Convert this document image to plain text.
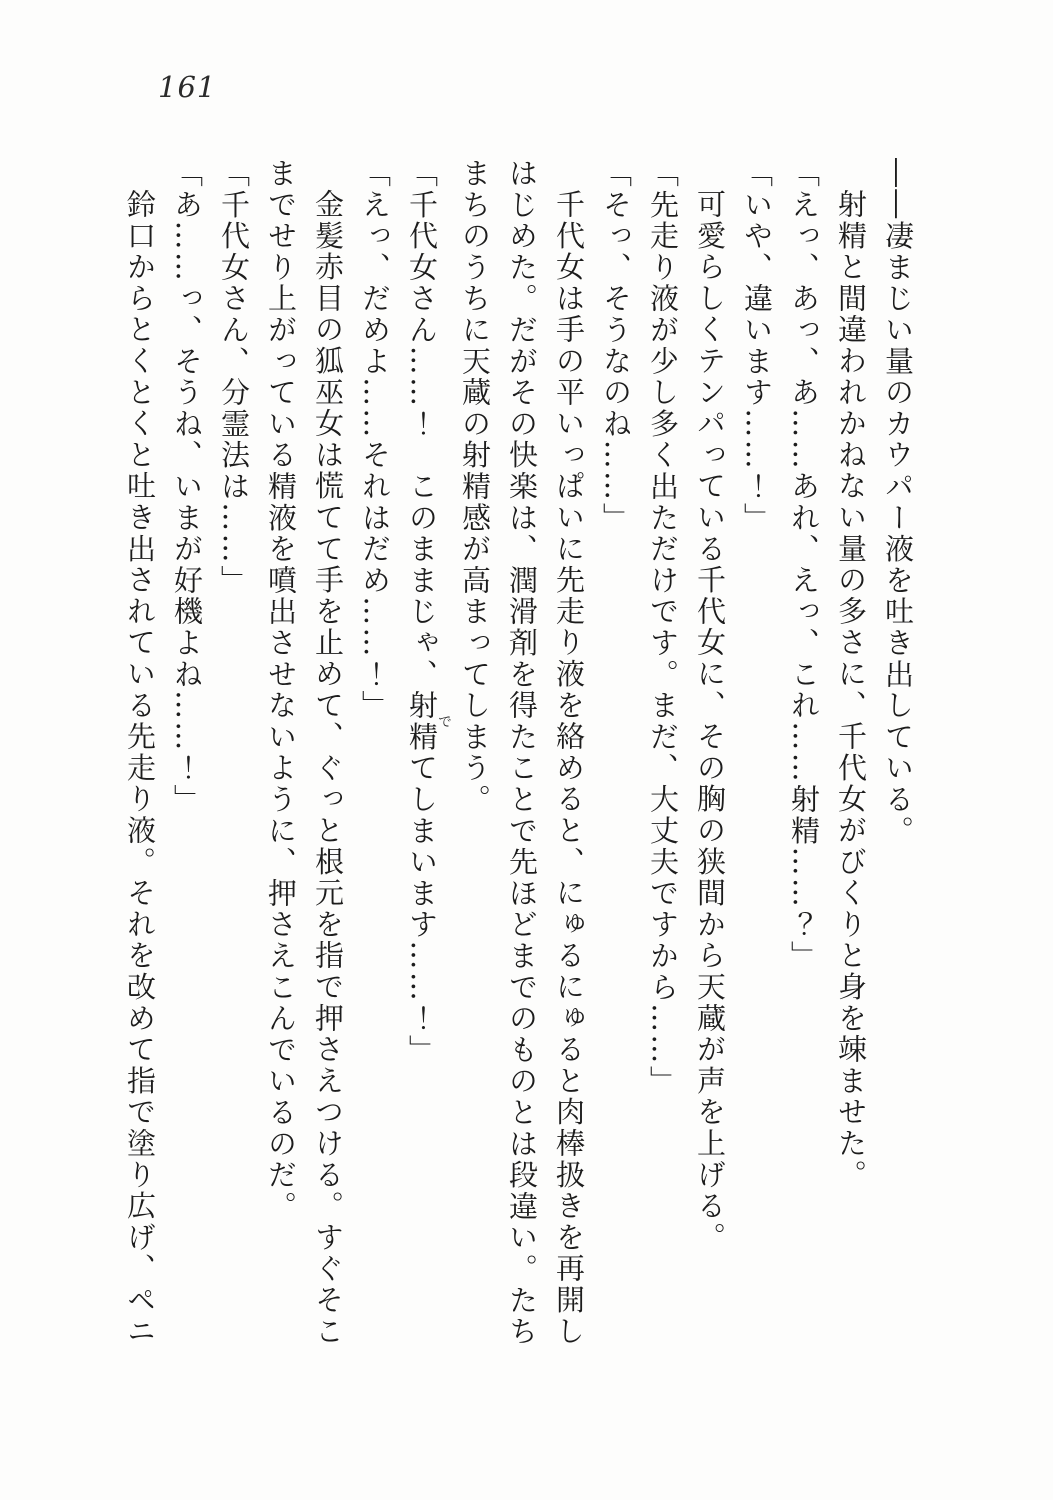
161

――凄まじい量のカウパー液を吐き出している。

射精と間違われかねない量の多さに、千代女がびくりと身を竦ませた。

「えっ、あっ、あ……あれ、えっ、これ……射精……？」

「いや、違います……！」

可愛らしくテンパっている千代女に、その胸の狭間から天蔵が声を上げる。

「先走り液が少し多く出ただけです。まだ、大丈夫ですから……」

「そっ、そうなのね……」

千代女は手の平いっぱいに先走り液を絡めると、にゅるにゅると肉棒扱きを再開しはじめた。だがその快楽は、潤滑剤を得たことで先ほどまでのものとは段違い。たちまちのうちに天蔵の射精感が高まってしまう。

「千代女さん……！　このままじゃ、射精でてしまいます……！」

「えっ、だめよ……それはだめ……！」

金髪赤目の狐巫女は慌てて手を止めて、ぐっと根元を指で押さえつける。すぐそこまでせり上がっている精液を噴出させないように、押さえこんでいるのだ。

「千代女さん、分霊法は……」

「あ……っ、そうね、いまが好機よね……！」

鈴口からとくとくと吐き出されている先走り液。それを改めて指で塗り広げ、ペニ
